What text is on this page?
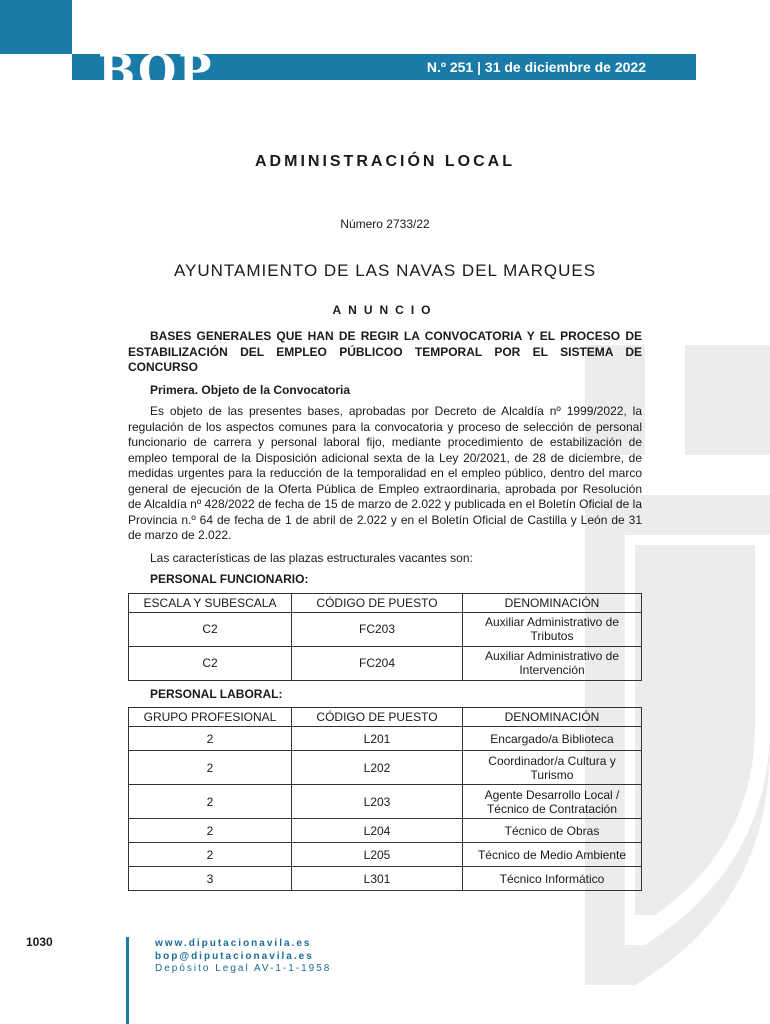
BOP	N.º 251 | 31 de diciembre de 2022
ADMINISTRACIÓN LOCAL
Número 2733/22
AYUNTAMIENTO DE LAS NAVAS DEL MARQUES
ANUNCIO

BASES GENERALES QUE HAN DE REGIR LA CONVOCATORIA Y EL PROCESO DE ESTABILIZACIÓN DEL EMPLEO PÚBLICOO TEMPORAL POR EL SISTEMA DE CONCURSO

Primera. Objeto de la Convocatoria

Es objeto de las presentes bases, aprobadas por Decreto de Alcaldía nº 1999/2022, la regulación de los aspectos comunes para la convocatoria y proceso de selección de personal funcionario de carrera y personal laboral fijo, mediante procedimiento de estabilización de empleo temporal de la Disposición adicional sexta de la Ley 20/2021, de 28 de diciembre, de medidas urgentes para la reducción de la temporalidad en el empleo público, dentro del marco general de ejecución de la Oferta Pública de Empleo extraordinaria, aprobada por Resolución de Alcaldía nº 428/2022 de fecha de 15 de marzo de 2.022 y publicada en el Boletín Oficial de la Provincia n.º 64 de fecha de 1 de abril de 2.022 y en el Boletín Oficial de Castilla y León de 31 de marzo de 2.022.

Las características de las plazas estructurales vacantes son:

PERSONAL FUNCIONARIO:
ESCALA Y SUBESCALA	CÓDIGO DE PUESTO	DENOMINACIÓN
C2	FC203	Auxiliar Administrativo de Tributos
C2	FC204	Auxiliar Administrativo de Intervención
PERSONAL LABORAL:
GRUPO PROFESIONAL	CÓDIGO DE PUESTO	DENOMINACIÓN
2	L201	Encargado/a Biblioteca
2	L202	Coordinador/a Cultura y Turismo
2	L203	Agente Desarrollo Local / Técnico de Contratación
2	L204	Técnico de Obras
2	L205	Técnico de Medio Ambiente
3	L301	Técnico Informático
1030	www.diputacionavila.es
bop@diputacionavila.es
Depósito Legal AV-1-1-1958
